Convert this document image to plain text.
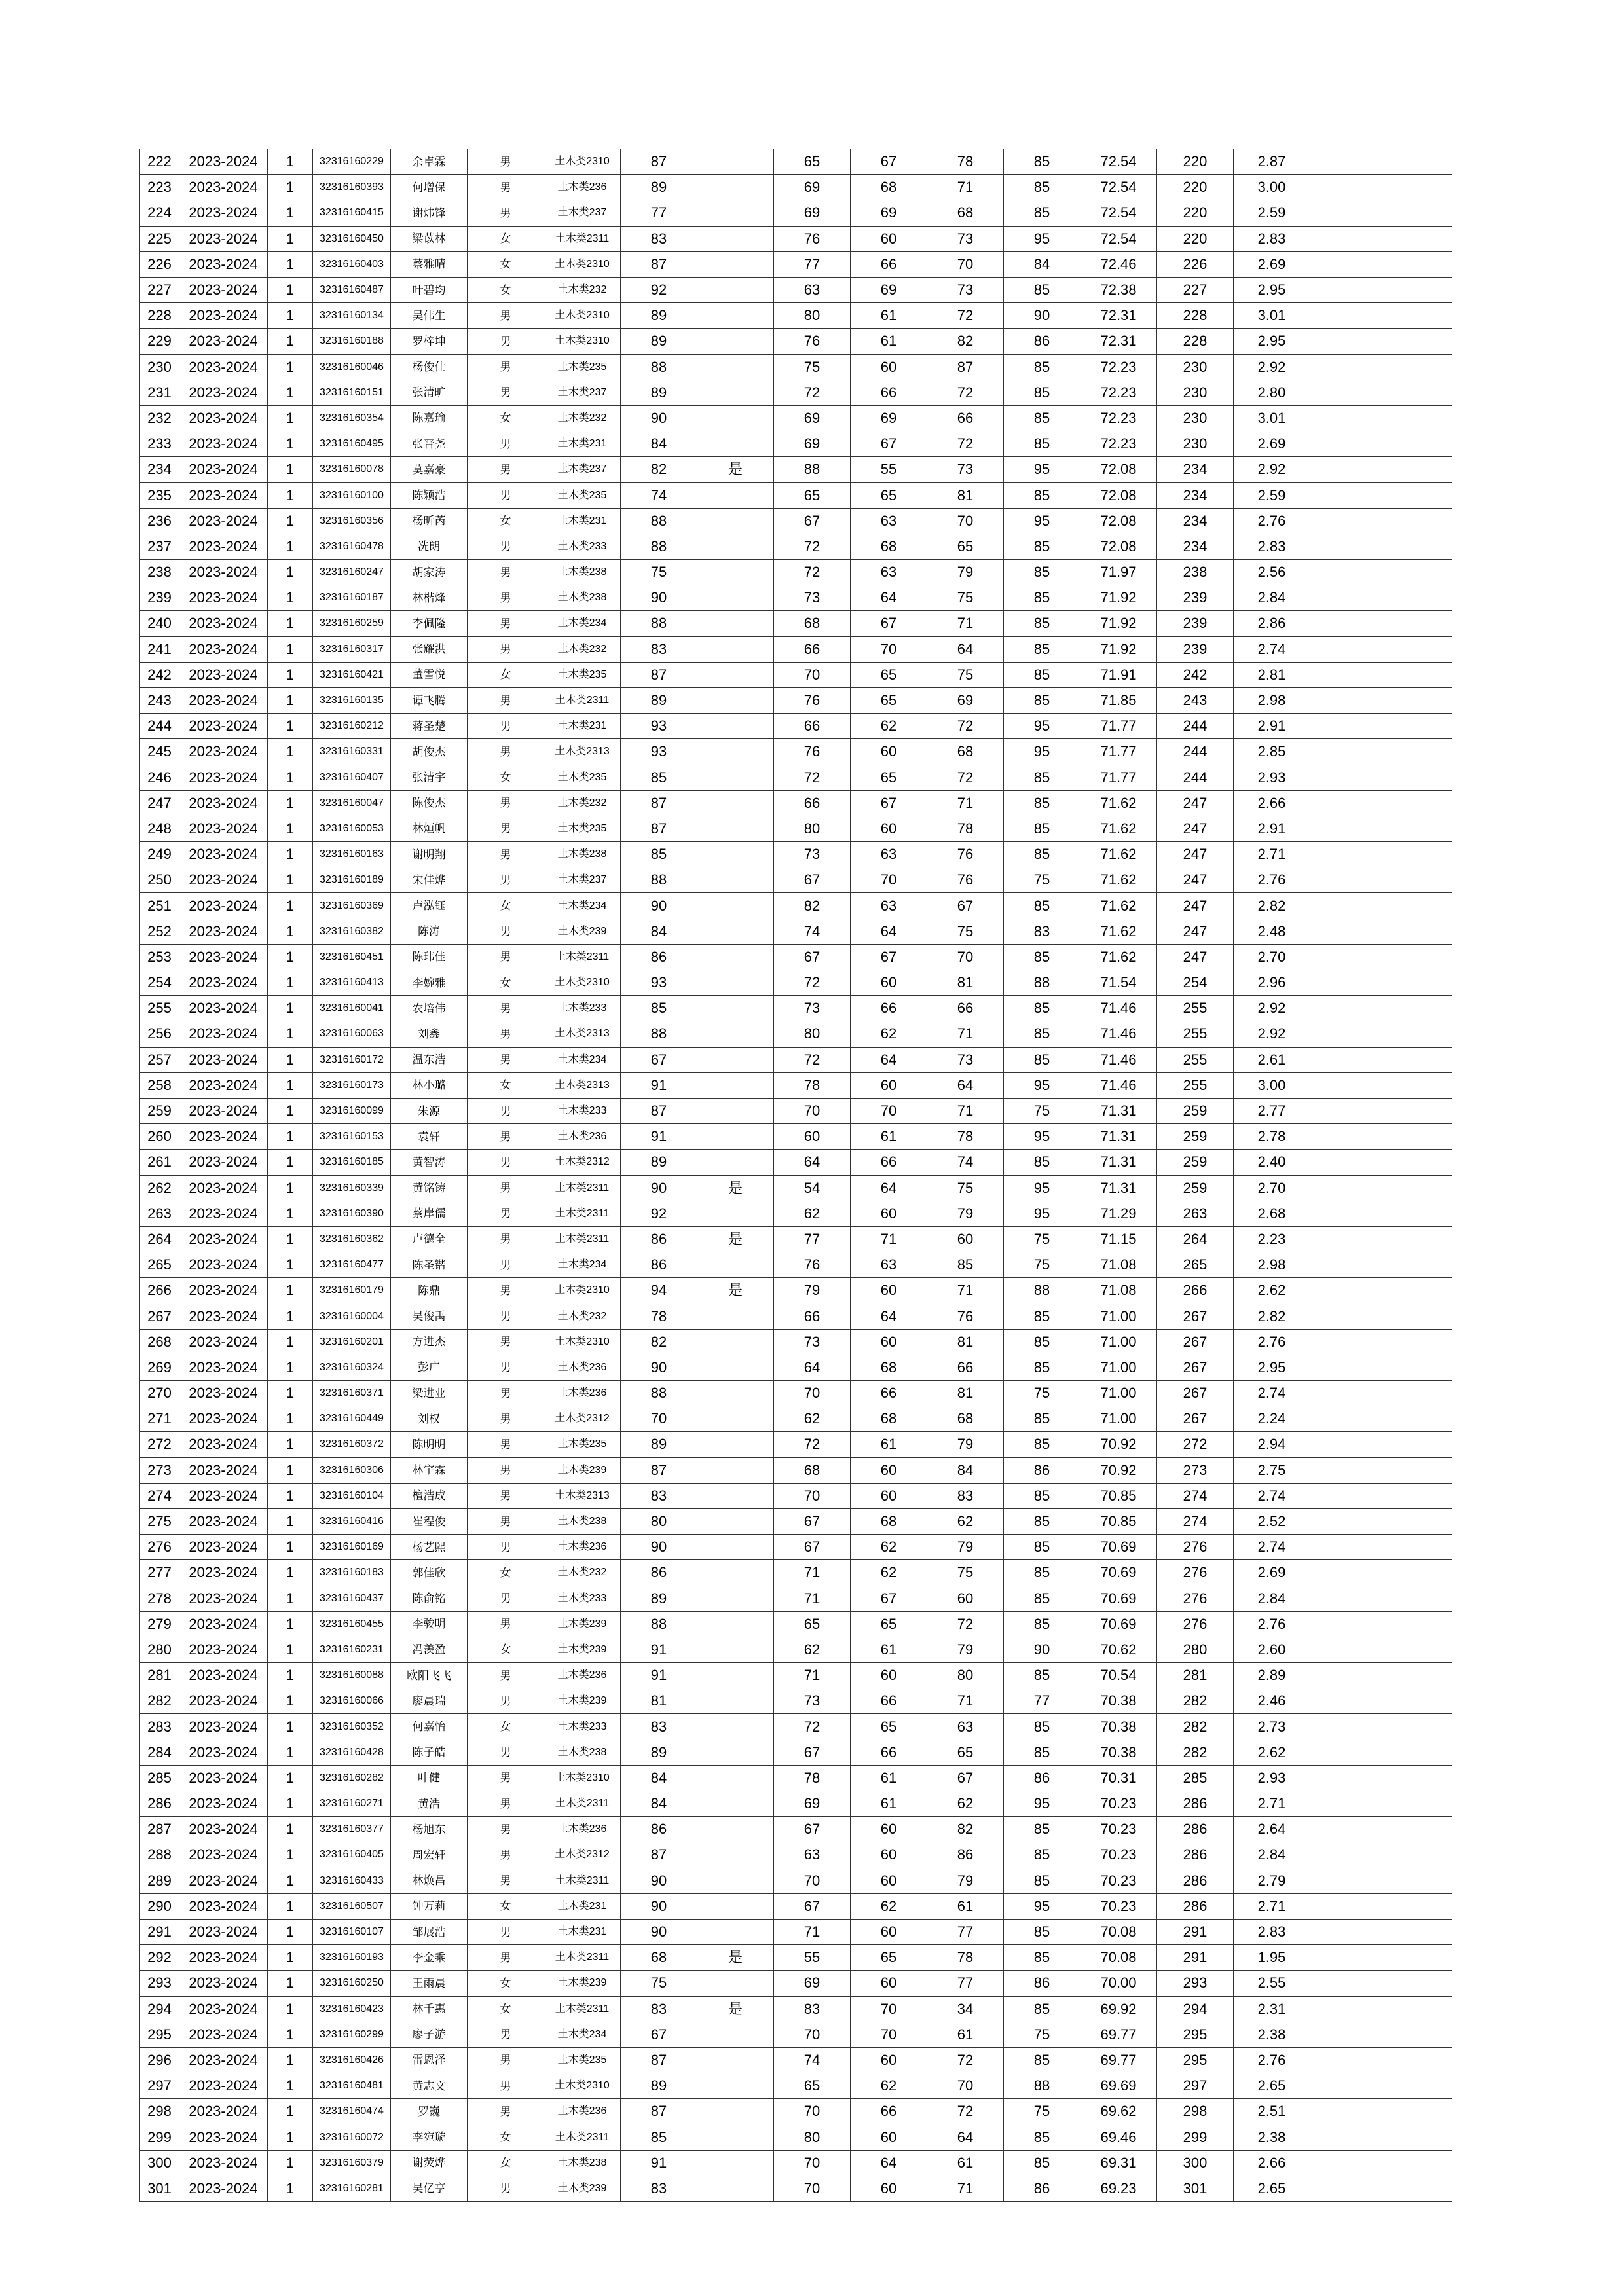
222	2023-2024	1	32316160229	余卓霖	男	土木类2310	87		65	67	78	85	72.54	220	2.87	
223	2023-2024	1	32316160393	何增保	男	土木类236	89		69	68	71	85	72.54	220	3.00	
224	2023-2024	1	32316160415	谢炜锋	男	土木类237	77		69	69	68	85	72.54	220	2.59	
225	2023-2024	1	32316160450	梁苡林	女	土木类2311	83		76	60	73	95	72.54	220	2.83	
226	2023-2024	1	32316160403	蔡雅晴	女	土木类2310	87		77	66	70	84	72.46	226	2.69	
227	2023-2024	1	32316160487	叶碧均	女	土木类232	92		63	69	73	85	72.38	227	2.95	
228	2023-2024	1	32316160134	吴伟生	男	土木类2310	89		80	61	72	90	72.31	228	3.01	
229	2023-2024	1	32316160188	罗梓坤	男	土木类2310	89		76	61	82	86	72.31	228	2.95	
230	2023-2024	1	32316160046	杨俊仕	男	土木类235	88		75	60	87	85	72.23	230	2.92	
231	2023-2024	1	32316160151	张清旷	男	土木类237	89		72	66	72	85	72.23	230	2.80	
232	2023-2024	1	32316160354	陈嘉瑜	女	土木类232	90		69	69	66	85	72.23	230	3.01	
233	2023-2024	1	32316160495	张晋尧	男	土木类231	84		69	67	72	85	72.23	230	2.69	
234	2023-2024	1	32316160078	莫嘉豪	男	土木类237	82	是	88	55	73	95	72.08	234	2.92	
235	2023-2024	1	32316160100	陈颖浩	男	土木类235	74		65	65	81	85	72.08	234	2.59	
236	2023-2024	1	32316160356	杨昕芮	女	土木类231	88		67	63	70	95	72.08	234	2.76	
237	2023-2024	1	32316160478	冼朗	男	土木类233	88		72	68	65	85	72.08	234	2.83	
238	2023-2024	1	32316160247	胡家涛	男	土木类238	75		72	63	79	85	71.97	238	2.56	
239	2023-2024	1	32316160187	林楷烽	男	土木类238	90		73	64	75	85	71.92	239	2.84	
240	2023-2024	1	32316160259	李佩隆	男	土木类234	88		68	67	71	85	71.92	239	2.86	
241	2023-2024	1	32316160317	张耀洪	男	土木类232	83		66	70	64	85	71.92	239	2.74	
242	2023-2024	1	32316160421	董雪悦	女	土木类235	87		70	65	75	85	71.91	242	2.81	
243	2023-2024	1	32316160135	谭飞腾	男	土木类2311	89		76	65	69	85	71.85	243	2.98	
244	2023-2024	1	32316160212	蒋圣楚	男	土木类231	93		66	62	72	95	71.77	244	2.91	
245	2023-2024	1	32316160331	胡俊杰	男	土木类2313	93		76	60	68	95	71.77	244	2.85	
246	2023-2024	1	32316160407	张清宇	女	土木类235	85		72	65	72	85	71.77	244	2.93	
247	2023-2024	1	32316160047	陈俊杰	男	土木类232	87		66	67	71	85	71.62	247	2.66	
248	2023-2024	1	32316160053	林烜帆	男	土木类235	87		80	60	78	85	71.62	247	2.91	
249	2023-2024	1	32316160163	谢明翔	男	土木类238	85		73	63	76	85	71.62	247	2.71	
250	2023-2024	1	32316160189	宋佳烨	男	土木类237	88		67	70	76	75	71.62	247	2.76	
251	2023-2024	1	32316160369	卢泓钰	女	土木类234	90		82	63	67	85	71.62	247	2.82	
252	2023-2024	1	32316160382	陈涛	男	土木类239	84		74	64	75	83	71.62	247	2.48	
253	2023-2024	1	32316160451	陈玮佳	男	土木类2311	86		67	67	70	85	71.62	247	2.70	
254	2023-2024	1	32316160413	李婉雅	女	土木类2310	93		72	60	81	88	71.54	254	2.96	
255	2023-2024	1	32316160041	农培伟	男	土木类233	85		73	66	66	85	71.46	255	2.92	
256	2023-2024	1	32316160063	刘鑫	男	土木类2313	88		80	62	71	85	71.46	255	2.92	
257	2023-2024	1	32316160172	温东浩	男	土木类234	67		72	64	73	85	71.46	255	2.61	
258	2023-2024	1	32316160173	林小璐	女	土木类2313	91		78	60	64	95	71.46	255	3.00	
259	2023-2024	1	32316160099	朱源	男	土木类233	87		70	70	71	75	71.31	259	2.77	
260	2023-2024	1	32316160153	袁轩	男	土木类236	91		60	61	78	95	71.31	259	2.78	
261	2023-2024	1	32316160185	黄智涛	男	土木类2312	89		64	66	74	85	71.31	259	2.40	
262	2023-2024	1	32316160339	黄铭铸	男	土木类2311	90	是	54	64	75	95	71.31	259	2.70	
263	2023-2024	1	32316160390	蔡岸儒	男	土木类2311	92		62	60	79	95	71.29	263	2.68	
264	2023-2024	1	32316160362	卢德全	男	土木类2311	86	是	77	71	60	75	71.15	264	2.23	
265	2023-2024	1	32316160477	陈圣锴	男	土木类234	86		76	63	85	75	71.08	265	2.98	
266	2023-2024	1	32316160179	陈鼎	男	土木类2310	94	是	79	60	71	88	71.08	266	2.62	
267	2023-2024	1	32316160004	吴俊禹	男	土木类232	78		66	64	76	85	71.00	267	2.82	
268	2023-2024	1	32316160201	方进杰	男	土木类2310	82		73	60	81	85	71.00	267	2.76	
269	2023-2024	1	32316160324	彭广	男	土木类236	90		64	68	66	85	71.00	267	2.95	
270	2023-2024	1	32316160371	梁进业	男	土木类236	88		70	66	81	75	71.00	267	2.74	
271	2023-2024	1	32316160449	刘权	男	土木类2312	70		62	68	68	85	71.00	267	2.24	
272	2023-2024	1	32316160372	陈明明	男	土木类235	89		72	61	79	85	70.92	272	2.94	
273	2023-2024	1	32316160306	林宇霖	男	土木类239	87		68	60	84	86	70.92	273	2.75	
274	2023-2024	1	32316160104	檀浩成	男	土木类2313	83		70	60	83	85	70.85	274	2.74	
275	2023-2024	1	32316160416	崔程俊	男	土木类238	80		67	68	62	85	70.85	274	2.52	
276	2023-2024	1	32316160169	杨艺熙	男	土木类236	90		67	62	79	85	70.69	276	2.74	
277	2023-2024	1	32316160183	郭佳欣	女	土木类232	86		71	62	75	85	70.69	276	2.69	
278	2023-2024	1	32316160437	陈俞铭	男	土木类233	89		71	67	60	85	70.69	276	2.84	
279	2023-2024	1	32316160455	李骏明	男	土木类239	88		65	65	72	85	70.69	276	2.76	
280	2023-2024	1	32316160231	冯羡盈	女	土木类239	91		62	61	79	90	70.62	280	2.60	
281	2023-2024	1	32316160088	欧阳飞飞	男	土木类236	91		71	60	80	85	70.54	281	2.89	
282	2023-2024	1	32316160066	廖晨瑞	男	土木类239	81		73	66	71	77	70.38	282	2.46	
283	2023-2024	1	32316160352	何嘉怡	女	土木类233	83		72	65	63	85	70.38	282	2.73	
284	2023-2024	1	32316160428	陈子皓	男	土木类238	89		67	66	65	85	70.38	282	2.62	
285	2023-2024	1	32316160282	叶健	男	土木类2310	84		78	61	67	86	70.31	285	2.93	
286	2023-2024	1	32316160271	黄浩	男	土木类2311	84		69	61	62	95	70.23	286	2.71	
287	2023-2024	1	32316160377	杨旭东	男	土木类236	86		67	60	82	85	70.23	286	2.64	
288	2023-2024	1	32316160405	周宏轩	男	土木类2312	87		63	60	86	85	70.23	286	2.84	
289	2023-2024	1	32316160433	林焕昌	男	土木类2311	90		70	60	79	85	70.23	286	2.79	
290	2023-2024	1	32316160507	钟万莉	女	土木类231	90		67	62	61	95	70.23	286	2.71	
291	2023-2024	1	32316160107	邹展浩	男	土木类231	90		71	60	77	85	70.08	291	2.83	
292	2023-2024	1	32316160193	李金乘	男	土木类2311	68	是	55	65	78	85	70.08	291	1.95	
293	2023-2024	1	32316160250	王雨晨	女	土木类239	75		69	60	77	86	70.00	293	2.55	
294	2023-2024	1	32316160423	林千惠	女	土木类2311	83	是	83	70	34	85	69.92	294	2.31	
295	2023-2024	1	32316160299	廖子游	男	土木类234	67		70	70	61	75	69.77	295	2.38	
296	2023-2024	1	32316160426	雷恩泽	男	土木类235	87		74	60	72	85	69.77	295	2.76	
297	2023-2024	1	32316160481	黄志文	男	土木类2310	89		65	62	70	88	69.69	297	2.65	
298	2023-2024	1	32316160474	罗巍	男	土木类236	87		70	66	72	75	69.62	298	2.51	
299	2023-2024	1	32316160072	李宛璇	女	土木类2311	85		80	60	64	85	69.46	299	2.38	
300	2023-2024	1	32316160379	谢荧烨	女	土木类238	91		70	64	61	85	69.31	300	2.66	
301	2023-2024	1	32316160281	吴亿亨	男	土木类239	83		70	60	71	86	69.23	301	2.65	
